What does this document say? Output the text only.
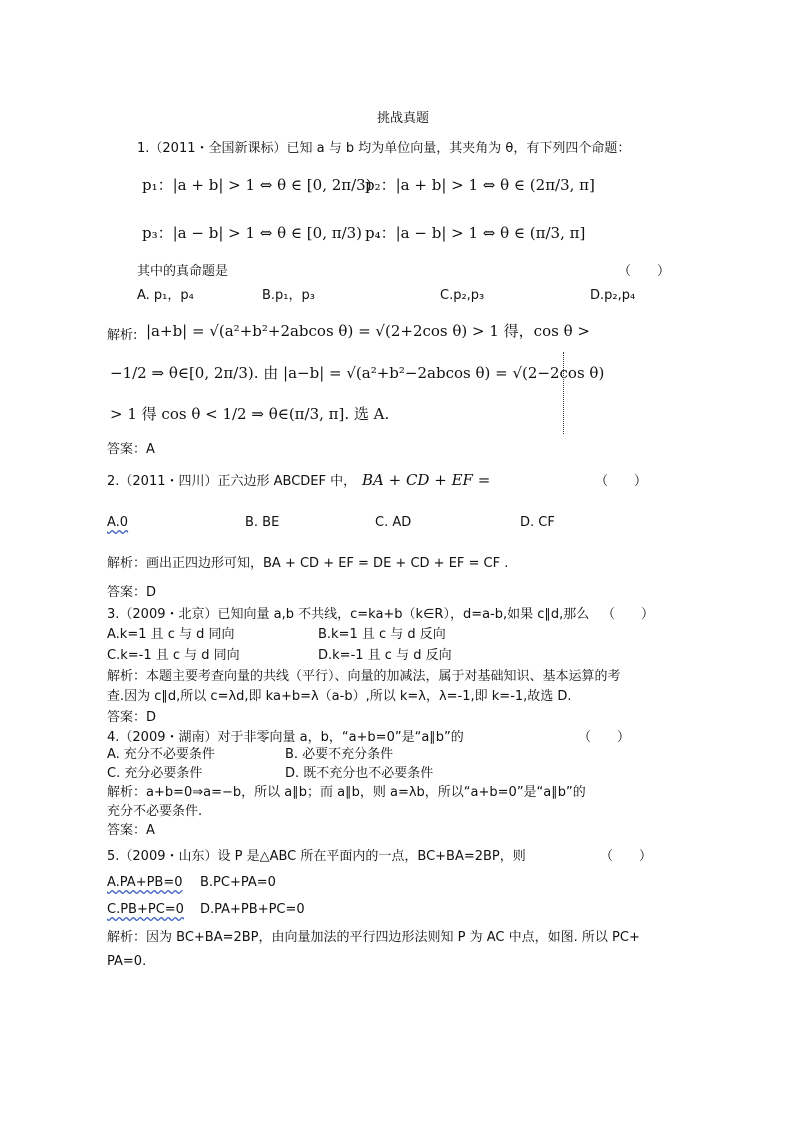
挑战真题
1.（2011・全国新课标）已知 a 与 b 均为单位向量，其夹角为 θ，有下列四个命题：
p₁：|a + b| > 1 ⇔ θ ∈ [0, 2π/3)
p₂：|a + b| > 1 ⇔ θ ∈ (2π/3, π]
p₃：|a − b| > 1 ⇔ θ ∈ [0, π/3) p₄：|a − b| > 1 ⇔ θ ∈ (π/3, π]
其中的真命题是	（　　）
A. p₁，p₄	B.p₁，p₃	C.p₂,p₃	D.p₂,p₄
解析: |a+b| = √(a²+b²+2abcos θ) = √(2+2cos θ) > 1 得，cos θ >
−1/2 ⇒ θ∈[0, 2π/3). 由 |a−b| = √(a²+b²−2abcos θ) = √(2−2cos θ)
> 1 得 cos θ < 1/2 ⇒ θ∈(π/3, π]. 选 A.
答案：A
2.（2011・四川）正六边形 ABCDEF 中， BA + CD + EF =	（　　）
A.0	B. BE	C. AD	D. CF
解析：画出正四边形可知，BA + CD + EF = DE + CD + EF = CF .
答案：D
3.（2009・北京）已知向量 a,b 不共线，c=ka+b（k∈R），d=a-b,如果 c∥d,那么 （　　）
A.k=1 且 c 与 d 同向	B.k=1 且 c 与 d 反向
C.k=-1 且 c 与 d 同向	D.k=-1 且 c 与 d 反向
解析：本题主要考查向量的共线（平行）、向量的加减法，属于对基础知识、基本运算的考
查.因为 c∥d,所以 c=λd,即 ka+b=λ（a-b）,所以 k=λ，λ=-1,即 k=-1,故选 D.
答案：D
4.（2009・湖南）对于非零向量 a，b，“a+b=0”是“a∥b”的	（　　）
A. 充分不必要条件	B. 必要不充分条件
C. 充分必要条件	D. 既不充分也不必要条件
解析：a+b=0⇒a=−b，所以 a∥b；而 a∥b，则 a=λb，所以“a+b=0”是“a∥b”的
充分不必要条件.
答案：A
5.（2009・山东）设 P 是△ABC 所在平面内的一点，BC+BA=2BP，则	（　　）
A.PA+PB=0 B.PC+PA=0
C.PB+PC=0 D.PA+PB+PC=0
解析：因为 BC+BA=2BP，由向量加法的平行四边形法则知 P 为 AC 中点，如图. 所以 PC+
PA=0.
